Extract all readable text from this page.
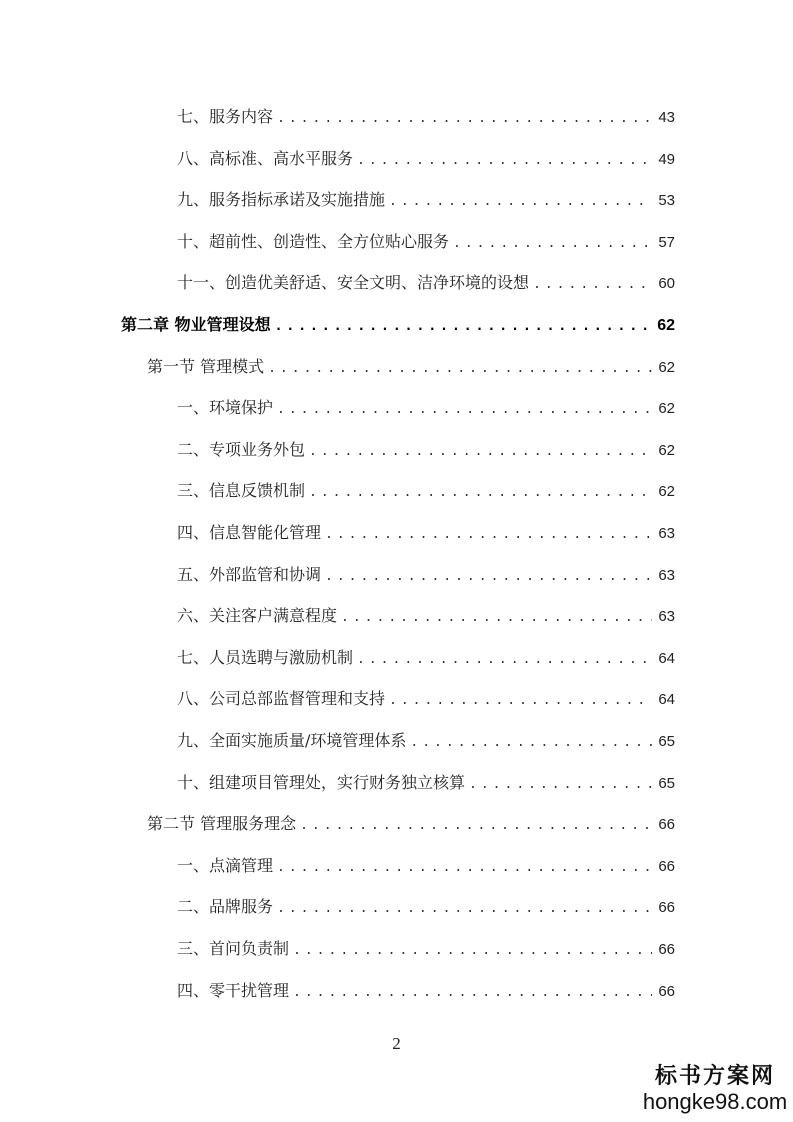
七、服务内容 .....	43
八、高标准、高水平服务 .....	49
九、服务指标承诺及实施措施 .....	53
十、超前性、创造性、全方位贴心服务 .....	57
十一、创造优美舒适、安全文明、洁净环境的设想 .....	60
第二章 物业管理设想 .....	62
第一节 管理模式 .....	62
一、环境保护 .....	62
二、专项业务外包 .....	62
三、信息反馈机制 .....	62
四、信息智能化管理 .....	63
五、外部监管和协调 .....	63
六、关注客户满意程度 .....	63
七、人员选聘与激励机制 .....	64
八、公司总部监督管理和支持 .....	64
九、全面实施质量/环境管理体系 .....	65
十、组建项目管理处，实行财务独立核算 .....	65
第二节 管理服务理念 .....	66
一、点滴管理 .....	66
二、品牌服务 .....	66
三、首问负责制 .....	66
四、零干扰管理 .....	66
2
标书方案网
hongke98.com
